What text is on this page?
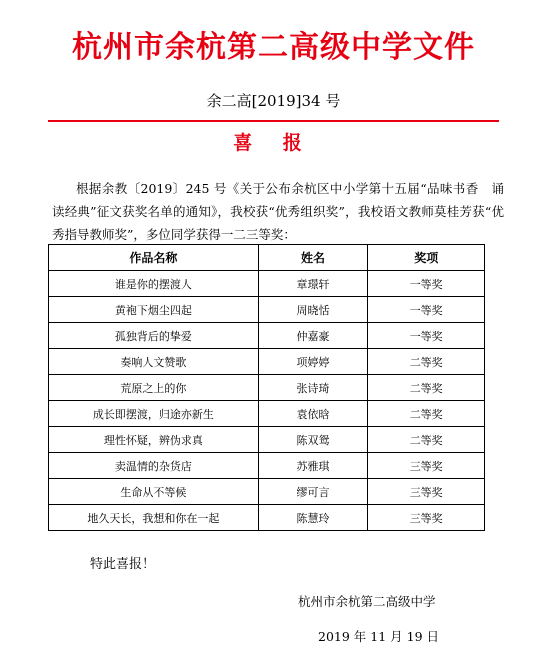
杭州市余杭第二高级中学文件
余二高[2019]34 号
喜 报
根据余教〔2019〕245 号《关于公布余杭区中小学第十五届“品味书香　诵读经典”征文获奖名单的通知》，我校获“优秀组织奖”，我校语文教师莫桂芳获“优秀指导教师奖”，多位同学获得一二三等奖：
作品名称	姓名	奖项
谁是你的摆渡人	章璟轩	一等奖
黄袍下烟尘四起	周晓恬	一等奖
孤独背后的挚爱	仲嘉豪	一等奖
奏响人文赞歌	项婷婷	二等奖
荒原之上的你	张诗琦	二等奖
成长即摆渡，归途亦新生	袁依晗	二等奖
理性怀疑，辨伪求真	陈双鸳	二等奖
卖温情的杂货店	苏雅琪	三等奖
生命从不等候	缪可言	三等奖
地久天长，我想和你在一起	陈慧玲	三等奖
特此喜报！
杭州市余杭第二高级中学
2019 年 11 月 19 日
